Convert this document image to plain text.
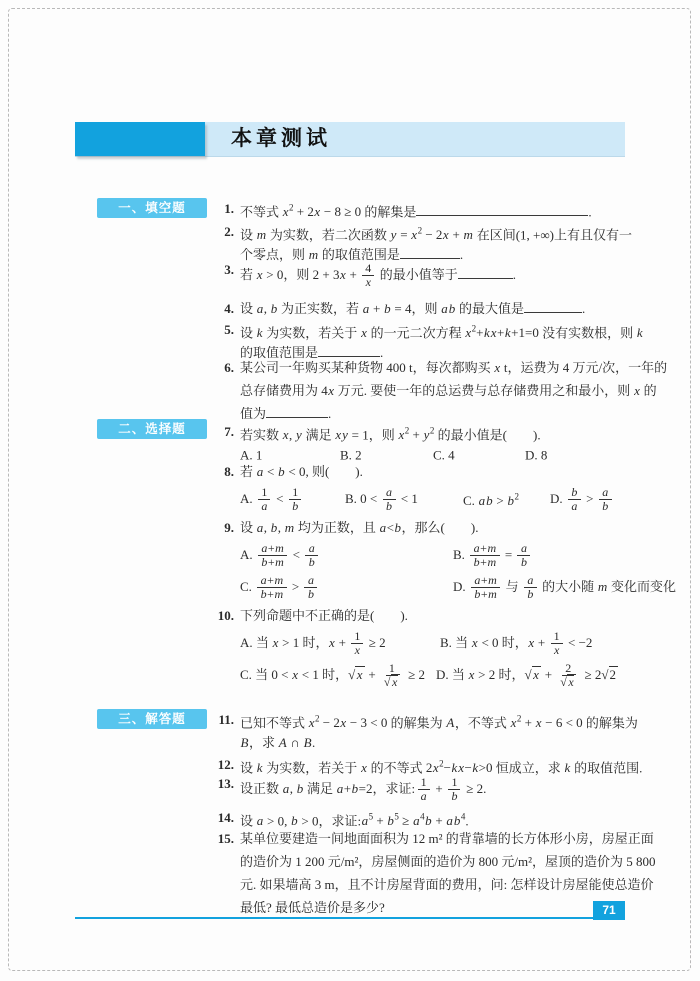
本章测试
一、填空题	1. 不等式 $x^2 + 2x - 8 \ge 0$ 的解集是	.
2. 设 m 为实数，若二次函数 $y = x^2 - 2x + m$ 在区间(1, +∞)上有且仅有一
个零点，则 m 的取值范围是	.
3. 若 x > 0，则 $2 + 3x + \frac{4}{x}$ 的最小值等于	.
4. 设 a, b 为正实数，若 a + b = 4，则 ab 的最大值是	.
5. 设 k 为实数，若关于 x 的一元二次方程 $x^2+kx+k+1=0$ 没有实数根，则 k
的取值范围是	.
6. 某公司一年购买某种货物 400 t，每次都购买 x t，运费为 4 万元/次，一年的
总存储费用为 4x 万元. 要使一年的总运费与总存储费用之和最小，则 x 的
值为	.
二、选择题	7. 若实数 x, y 满足 xy = 1，则 $x^2 + y^2$ 的最小值是( ).
A. 1	B. 2	C. 4	D. 8
8. 若 a < b < 0, 则( ).
A. $\frac{1}{a} < \frac{1}{b}$	B. $0 < \frac{a}{b} < 1$	C. ab > $b^2$ D. $\frac{b}{a} > \frac{a}{b}$
9. 设 a, b, m 均为正数，且 a<b，那么( ).
A. $\frac{a+m}{b+m} < \frac{a}{b}$	B. $\frac{a+m}{b+m} = \frac{a}{b}$
C. $\frac{a+m}{b+m} > \frac{a}{b}$	D. $\frac{a+m}{b+m}$ 与 $\frac{a}{b}$ 的大小随 m 变化而变化
10. 下列命题中不正确的是( ).
A. 当 x > 1 时，$x + \frac{1}{x} \ge 2$	B. 当 x < 0 时，$x + \frac{1}{x} < -2$
C. 当 0 < x < 1 时，√ $x + \frac{1}{√ x} \ge 2$ D. 当 x > 2 时，√ $x + \frac{2}{√ x} \ge 2√2$
三、解答题	11. 已知不等式 $x^2 - 2x - 3 < 0$ 的解集为 A，不等式 $x^2 + x - 6 < 0$ 的解集为
B，求 A ∩ B.
12. 设 k 为实数，若关于 x 的不等式 $2x^2-kx-k>0$ 恒成立，求 k 的取值范围.
13. 设正数 a, b 满足 a+b=2，求证: $\frac{1}{a} + \frac{1}{b} \ge 2$.
14. 设 a > 0, b > 0，求证$:a^5 + b^5 \ge a^4b + ab^4$.
15. 某单位要建造一间地面面积为 12 m² 的背靠墙的长方体形小房，房屋正面
的造价为 1 200 元/m²，房屋侧面的造价为 800 元/m²，屋顶的造价为 5 800
元. 如果墙高 3 m，且不计房屋背面的费用，问: 怎样设计房屋能使总造价
最低? 最低总造价是多少?	71
